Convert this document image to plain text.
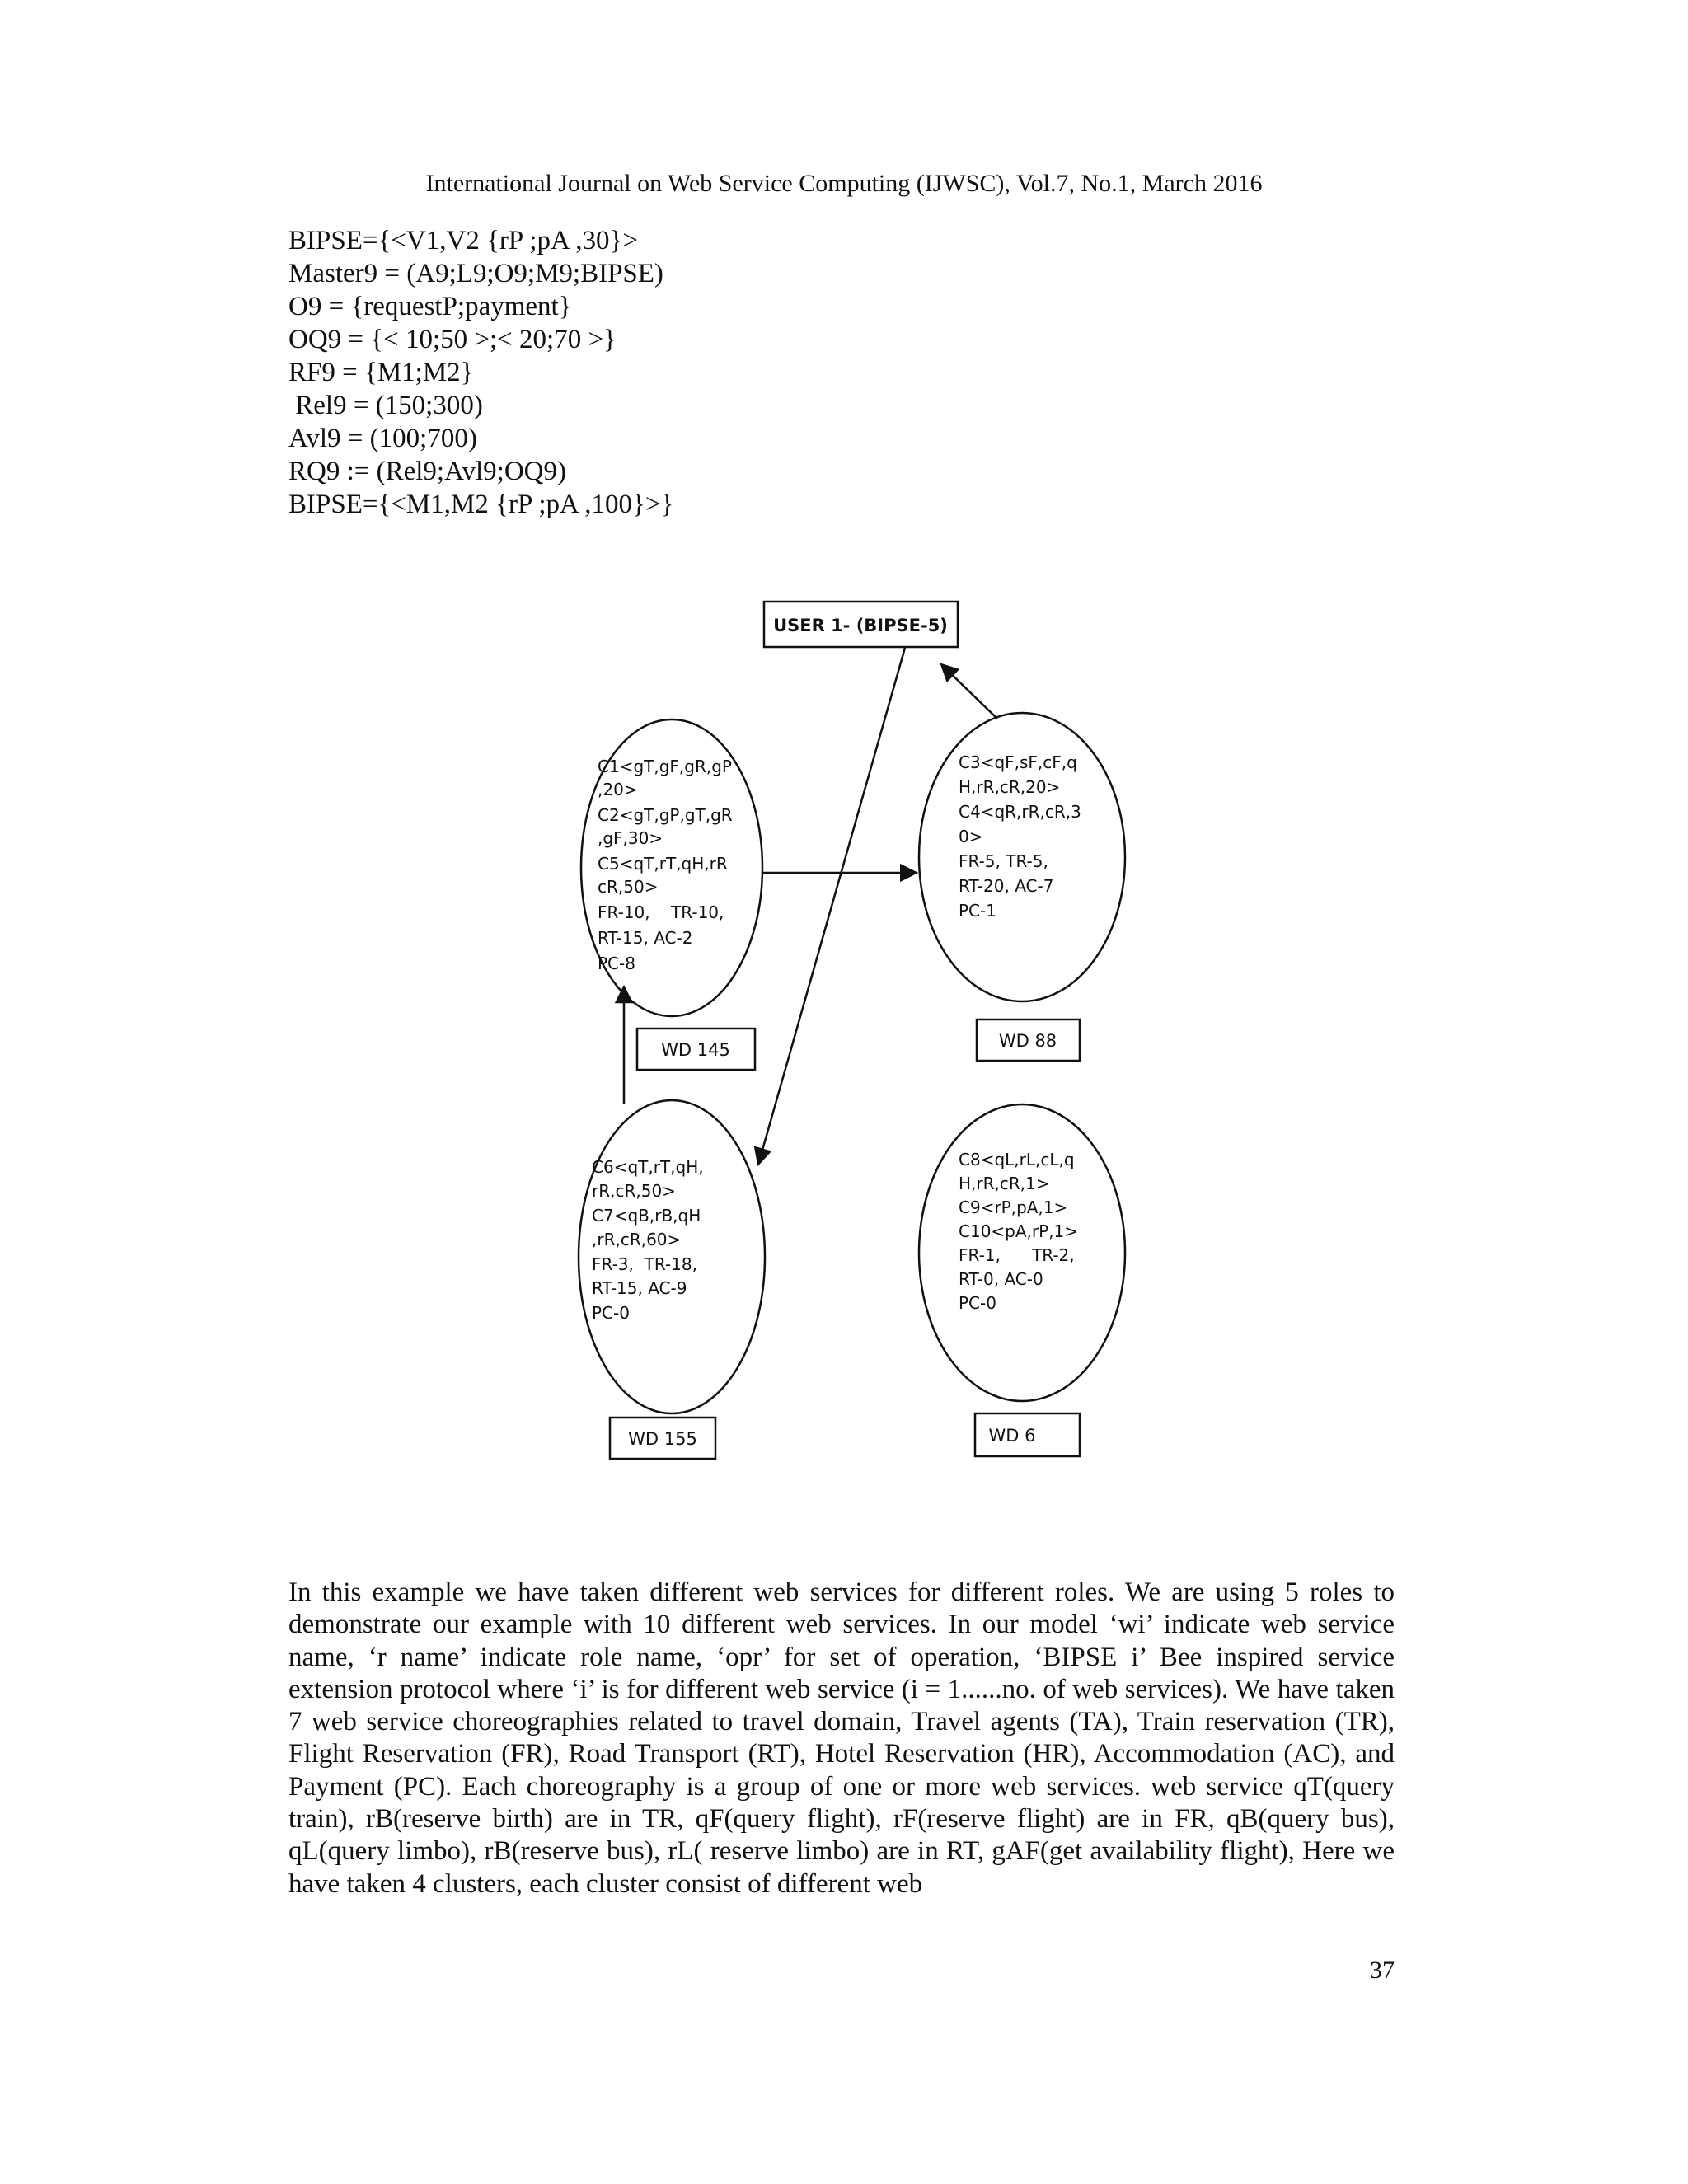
International Journal on Web Service Computing (IJWSC), Vol.7, No.1, March 2016
BIPSE={<V1,V2 {rP ;pA ,30}>
Master9 = (A9;L9;O9;M9;BIPSE)
O9 = {requestP;payment}
OQ9 = {< 10;50 >;< 20;70 >}
RF9 = {M1;M2}
Rel9 = (150;300)
Avl9 = (100;700)
RQ9 := (Rel9;Avl9;OQ9)
BIPSE={<M1,M2 {rP ;pA ,100}>}
USER 1- (BIPSE-5)
C1<gT,gF,gR,gP
,20>
C2<gT,gP,gT,gR
,gF,30>
C5<qT,rT,qH,rR
cR,50>
FR-10,    TR-10,
RT-15, AC-2
PC-8
C3<qF,sF,cF,q
H,rR,cR,20>
C4<qR,rR,cR,3
0>
FR-5, TR-5,
RT-20, AC-7
PC-1
C6<qT,rT,qH,
rR,cR,50>
C7<qB,rB,qH
,rR,cR,60>
FR-3,  TR-18,
RT-15, AC-9
PC-0
C8<qL,rL,cL,q
H,rR,cR,1>
C9<rP,pA,1>
C10<pA,rP,1>
FR-1,      TR-2,
RT-0, AC-0
PC-0
WD 145	WD 88
WD 155	WD 6
In this example we have taken different web services for different roles. We are using 5 roles to demonstrate our example with 10 different web services. In our model ‘wi’ indicate web service name, ‘r name’ indicate role name, ‘opr’ for set of operation, ‘BIPSE i’ Bee inspired service extension protocol where ‘i’ is for different web service (i = 1......no. of web services). We have taken 7 web service choreographies related to travel domain, Travel agents (TA), Train reservation (TR), Flight Reservation (FR), Road Transport (RT), Hotel Reservation (HR), Accommodation (AC), and Payment (PC). Each choreography is a group of one or more web services. web service qT(query train), rB(reserve birth) are in TR, qF(query flight), rF(reserve flight) are in FR, qB(query bus), qL(query limbo), rB(reserve bus), rL( reserve limbo) are in RT, gAF(get availability flight), Here we have taken 4 clusters, each cluster consist of different web
37
